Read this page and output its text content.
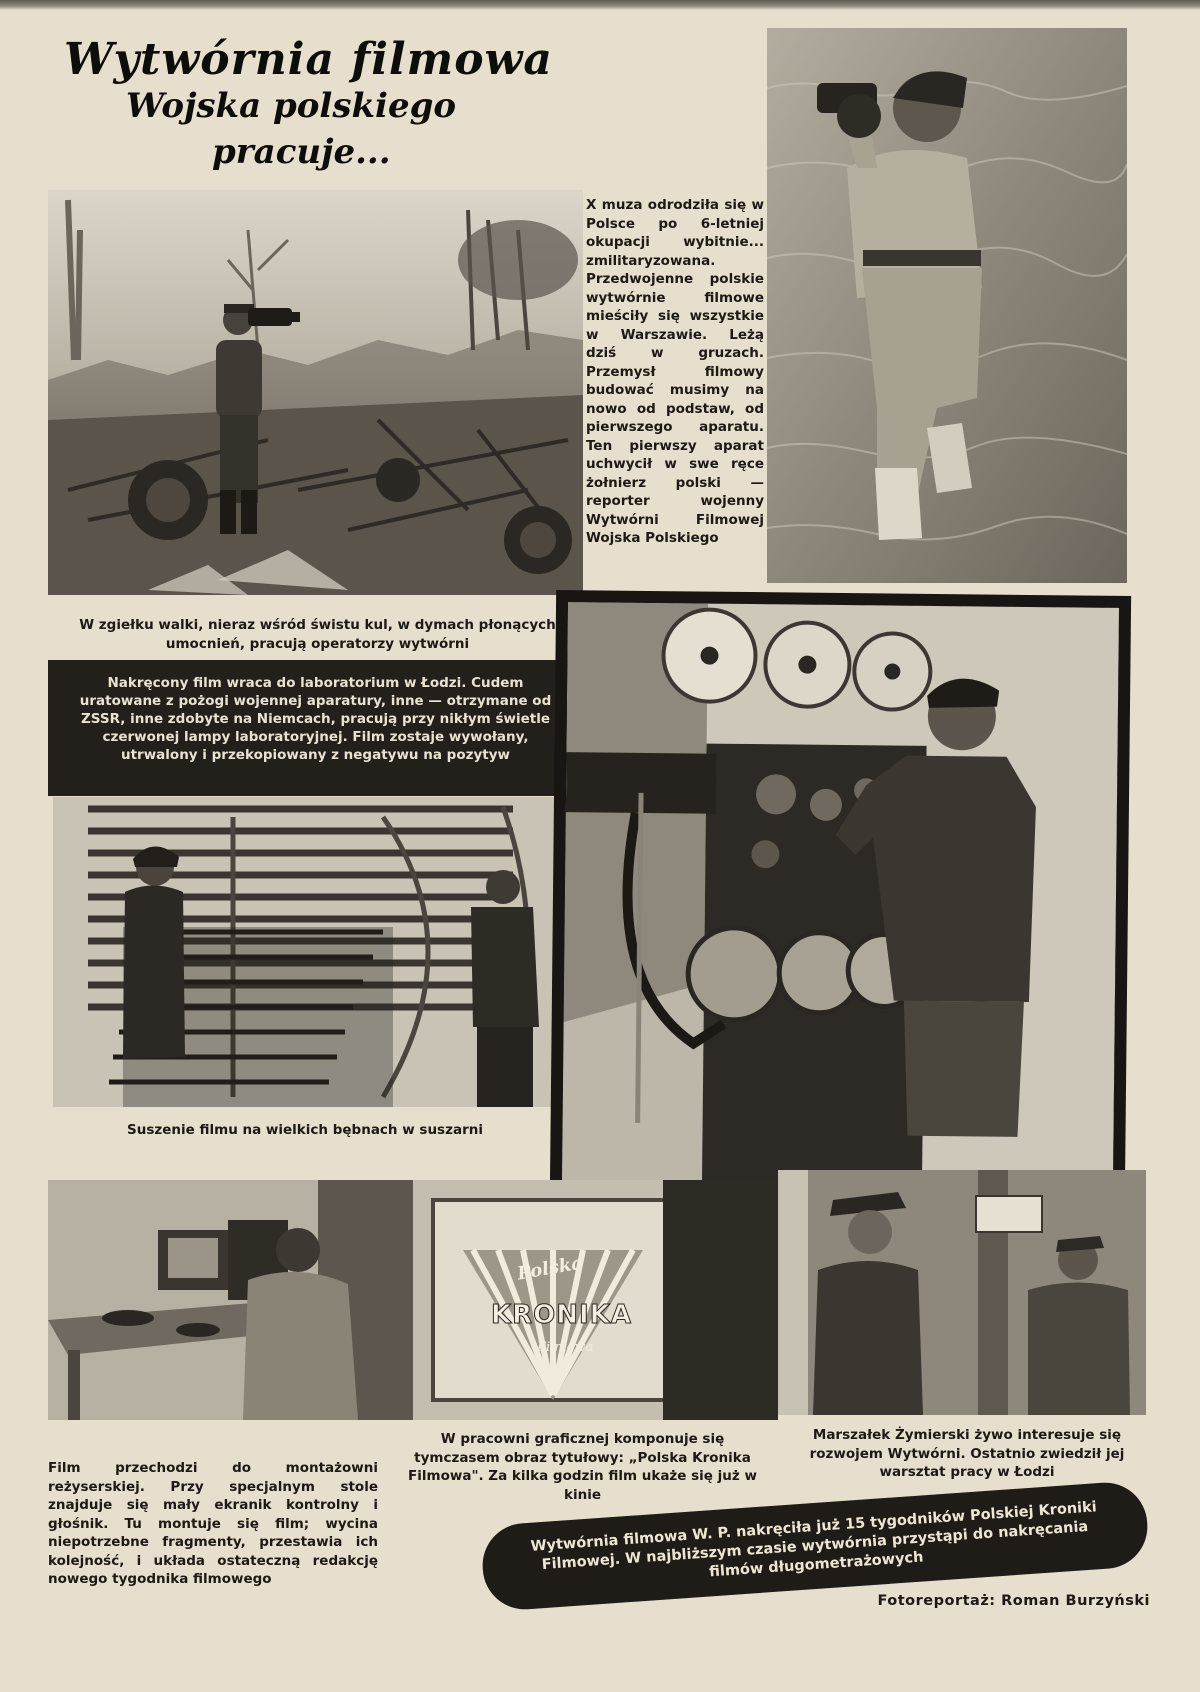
Wytwórnia filmowa
Wojska polskiego
pracuje...
X muza odrodziła się w Polsce po 6-letniej okupacji wybitnie... zmilitaryzowana. Przedwojenne polskie wytwórnie filmowe mieściły się wszystkie w Warszawie. Leżą dziś w gruzach. Przemysł filmowy budować musimy na nowo od podstaw, od pierwszego aparatu. Ten pierwszy aparat uchwycił w swe ręce żołnierz polski — reporter wojenny Wytwórni Filmowej Wojska Polskiego
W zgiełku walki, nieraz wśród świstu kul, w dymach płonących umocnień, pracują operatorzy wytwórni
Nakręcony film wraca do laboratorium w Łodzi. Cudem uratowane z pożogi wojennej aparatury, inne — otrzymane od ZSSR, inne zdobyte na Niemcach, pracują przy nikłym świetle czerwonej lampy laboratoryjnej. Film zostaje wywołany, utrwalony i przekopiowany z negatywu na pozytyw
Suszenie filmu na wielkich bębnach w suszarni
Polska
KRONIKA
Filmowa
Film przechodzi do montażowni reżyserskiej. Przy specjalnym stole znajduje się mały ekranik kontrolny i głośnik. Tu montuje się film; wycina niepotrzebne fragmenty, przestawia ich kolejność, i układa ostateczną redakcję nowego tygodnika filmowego
W pracowni graficznej komponuje się tymczasem obraz tytułowy: „Polska Kronika Filmowa". Za kilka godzin film ukaże się już w kinie
Marszałek Żymierski żywo interesuje się rozwojem Wytwórni. Ostatnio zwiedził jej warsztat pracy w Łodzi
Wytwórnia filmowa W. P. nakręciła już 15 tygodników Polskiej Kroniki Filmowej. W najbliższym czasie wytwórnia przystąpi do nakręcania filmów długometrażowych
Fotoreportaż: Roman Burzyński
